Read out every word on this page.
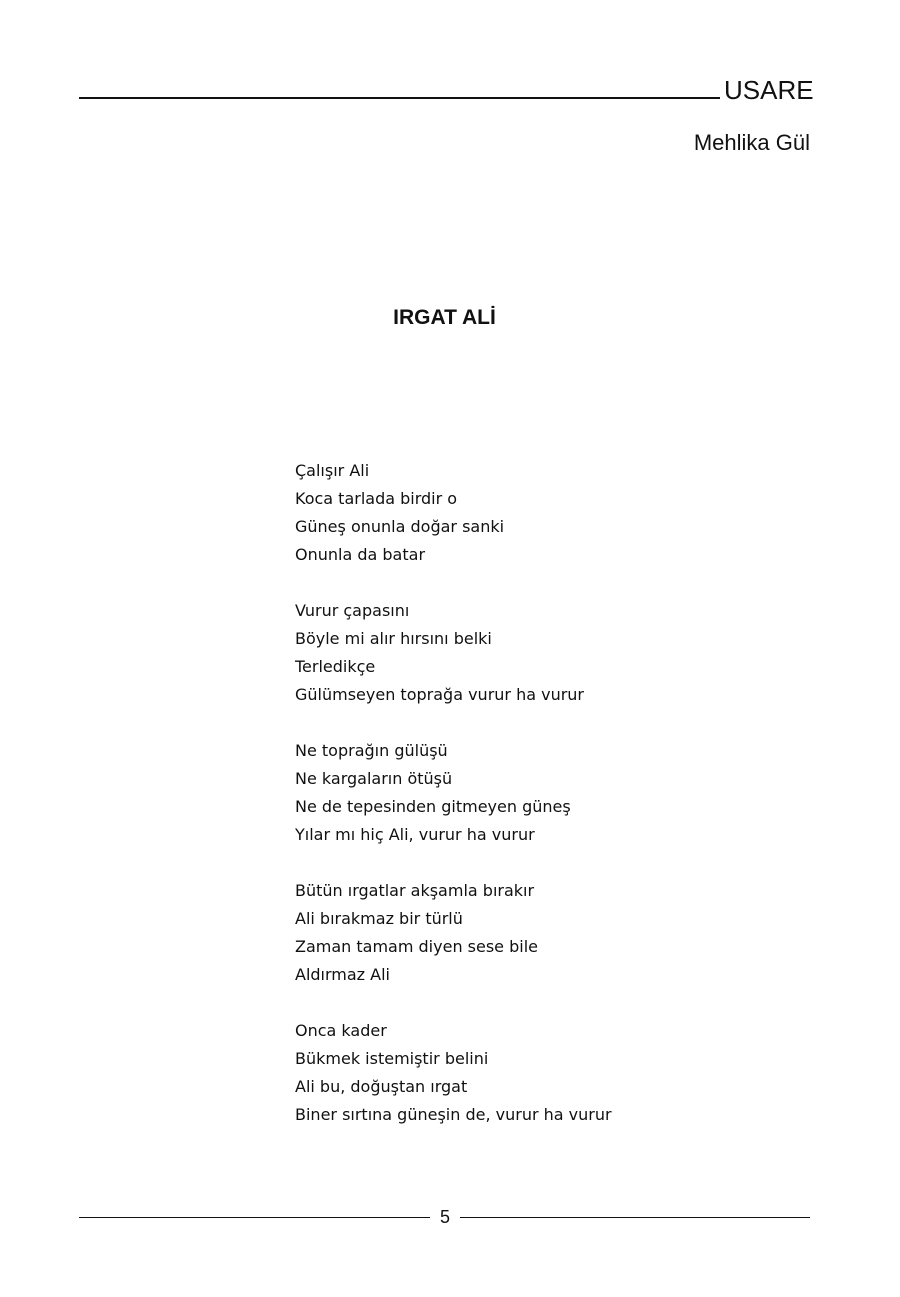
USARE
Mehlika Gül
IRGAT ALİ
Çalışır Ali
Koca tarlada birdir o
Güneş onunla doğar sanki
Onunla da batar
Vurur çapasını
Böyle mi alır hırsını belki
Terledikçe
Gülümseyen toprağa vurur ha vurur
Ne toprağın gülüşü
Ne kargaların ötüşü
Ne de tepesinden gitmeyen güneş
Yılar mı hiç Ali, vurur ha vurur
Bütün ırgatlar akşamla bırakır
Ali bırakmaz bir türlü
Zaman tamam diyen sese bile
Aldırmaz Ali
Onca kader
Bükmek istemiştir belini
Ali bu, doğuştan ırgat
Biner sırtına güneşin de, vurur ha vurur
5
